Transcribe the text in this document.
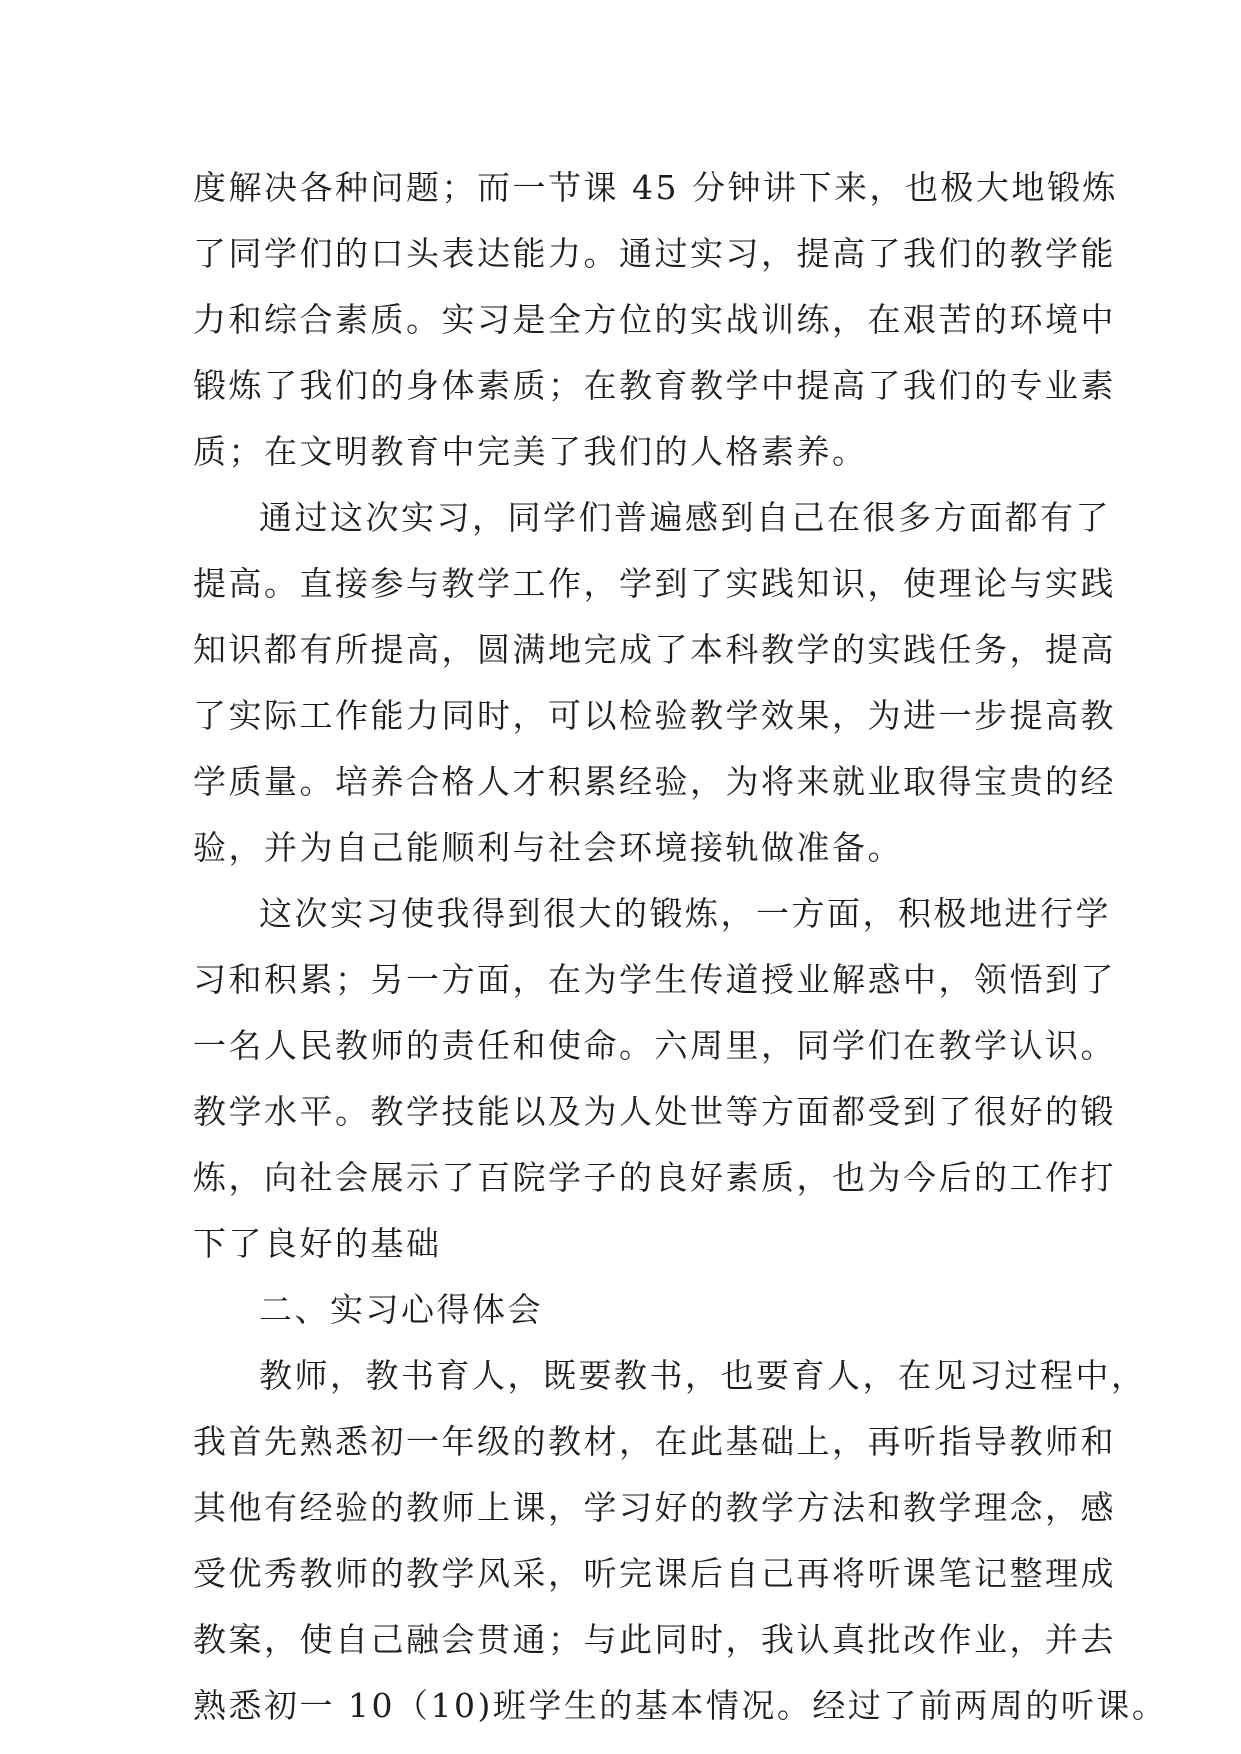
度解决各种问题；而一节课 45 分钟讲下来，也极大地锻炼
了同学们的口头表达能力。通过实习，提高了我们的教学能
力和综合素质。实习是全方位的实战训练，在艰苦的环境中
锻炼了我们的身体素质；在教育教学中提高了我们的专业素
质；在文明教育中完美了我们的人格素养。
通过这次实习，同学们普遍感到自己在很多方面都有了
提高。直接参与教学工作，学到了实践知识，使理论与实践
知识都有所提高，圆满地完成了本科教学的实践任务，提高
了实际工作能力同时，可以检验教学效果，为进一步提高教
学质量。培养合格人才积累经验，为将来就业取得宝贵的经
验，并为自己能顺利与社会环境接轨做准备。
这次实习使我得到很大的锻炼，一方面，积极地进行学
习和积累；另一方面，在为学生传道授业解惑中，领悟到了
一名人民教师的责任和使命。六周里，同学们在教学认识。
教学水平。教学技能以及为人处世等方面都受到了很好的锻
炼，向社会展示了百院学子的良好素质，也为今后的工作打
下了良好的基础
二、实习心得体会
教师，教书育人，既要教书，也要育人，在见习过程中，
我首先熟悉初一年级的教材，在此基础上，再听指导教师和
其他有经验的教师上课，学习好的教学方法和教学理念，感
受优秀教师的教学风采，听完课后自己再将听课笔记整理成
教案，使自己融会贯通；与此同时，我认真批改作业，并去
熟悉初一 10（10)班学生的基本情况。经过了前两周的听课。
